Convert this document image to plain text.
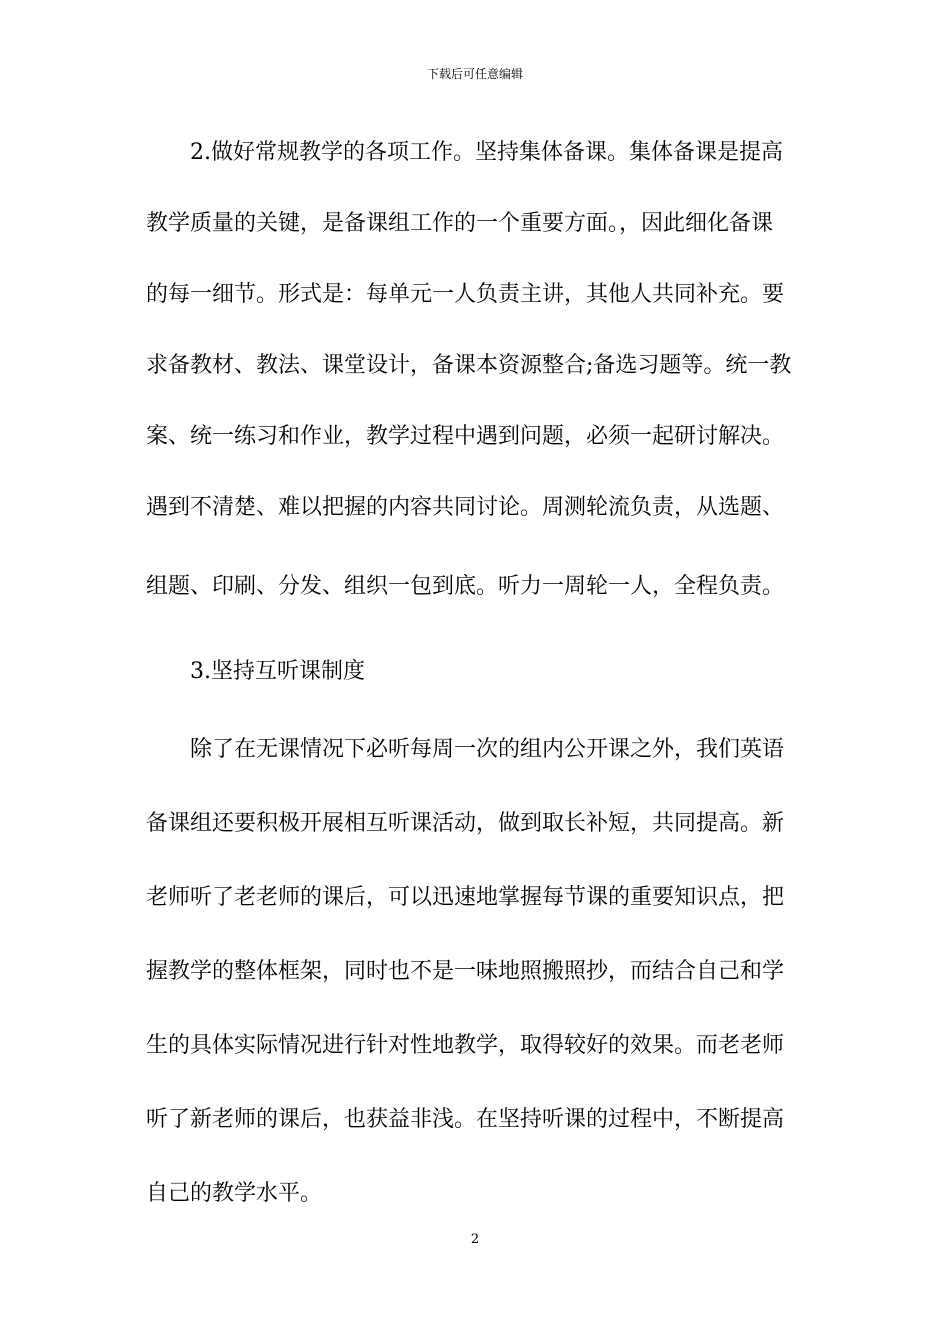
下载后可任意编辑
2.做好常规教学的各项工作。坚持集体备课。集体备课是提高
教学质量的关键，是备课组工作的一个重要方面。，因此细化备课
的每一细节。形式是：每单元一人负责主讲，其他人共同补充。要
求备教材、教法、课堂设计，备课本资源整合;备选习题等。统一教
案、统一练习和作业，教学过程中遇到问题，必须一起研讨解决。
遇到不清楚、难以把握的内容共同讨论。周测轮流负责，从选题、
组题、印刷、分发、组织一包到底。听力一周轮一人，全程负责。
3.坚持互听课制度
除了在无课情况下必听每周一次的组内公开课之外，我们英语
备课组还要积极开展相互听课活动，做到取长补短，共同提高。新
老师听了老老师的课后，可以迅速地掌握每节课的重要知识点，把
握教学的整体框架，同时也不是一味地照搬照抄，而结合自己和学
生的具体实际情况进行针对性地教学，取得较好的效果。而老老师
听了新老师的课后，也获益非浅。在坚持听课的过程中，不断提高
自己的教学水平。
2
